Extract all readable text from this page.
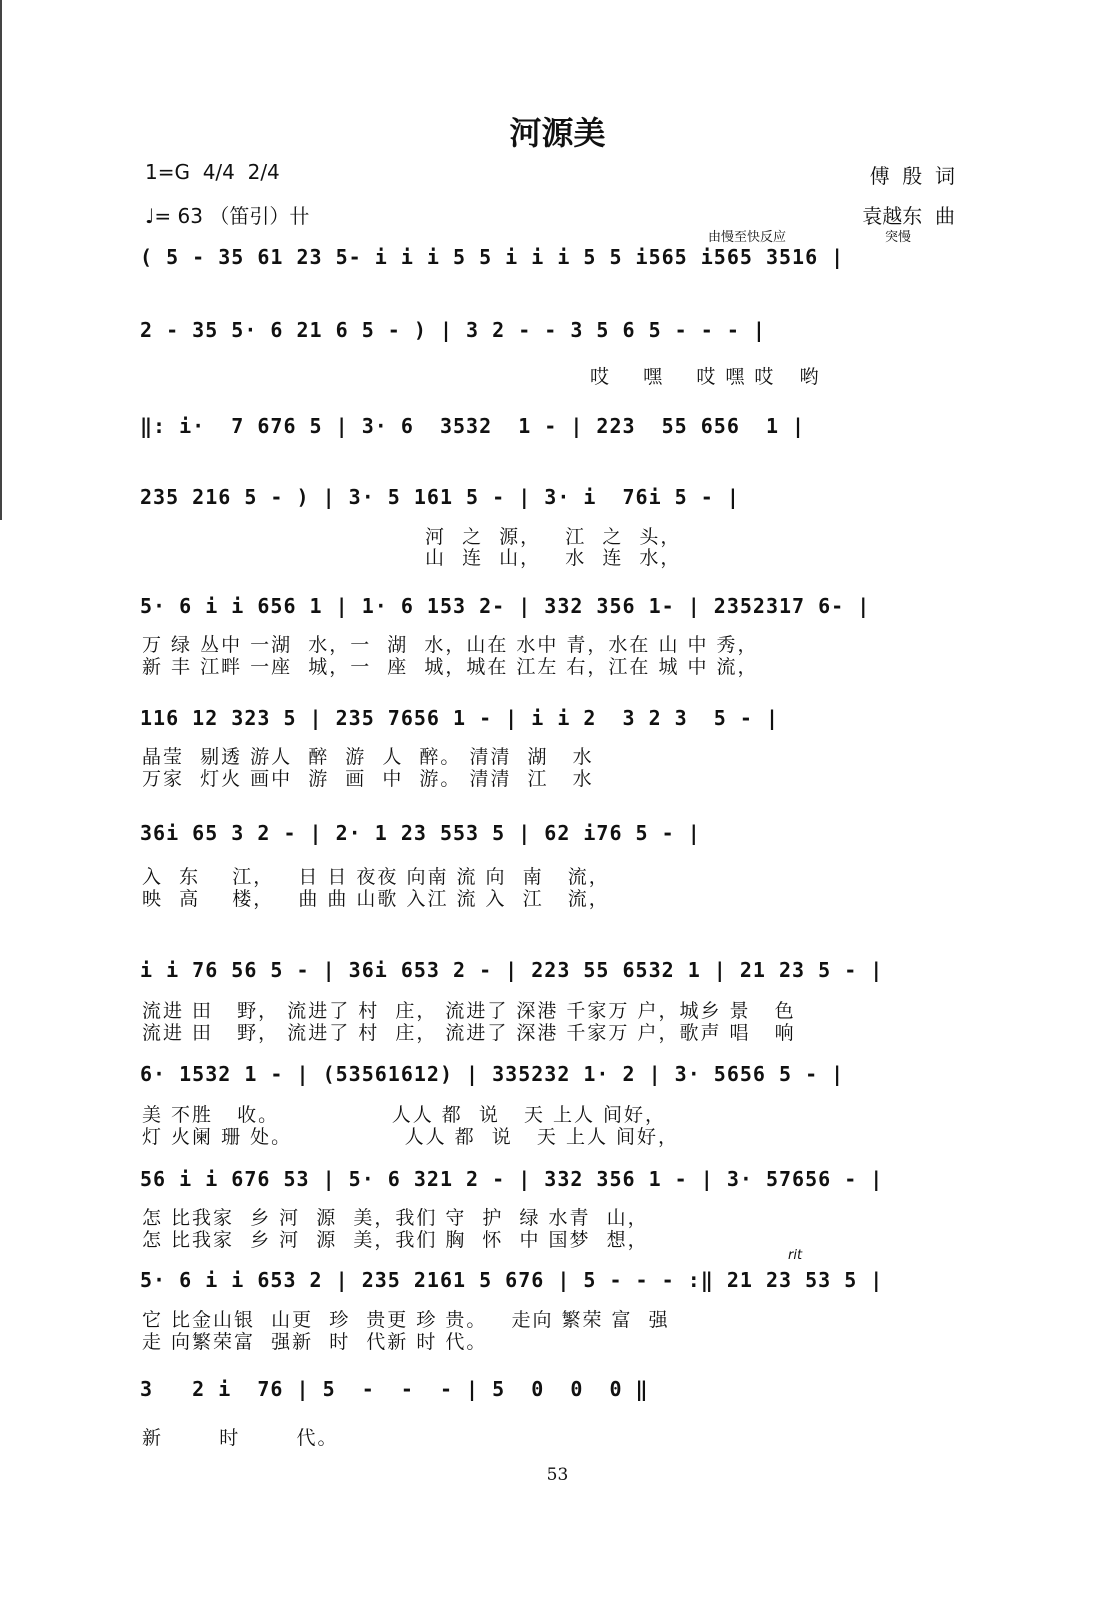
河源美
1=G  4/4  2/4
♩= 63 （笛引）卄
傅  殷  词
袁越东  曲
由慢至快反应	突慢
rit
( 5 - 35 61 23 5- i i i 5 5 i i i 5 5 i565 i565 3516 |
2 - 35 5· 6 21 6 5 - ) | 3 2 - - 3 5 6 5 - - - |
哎    嘿    哎 嘿 哎   哟
‖: i·  7 676 5 | 3· 6  3532  1 - | 223  55 656  1 |
235 216 5 - ) | 3· 5 161 5 - | 3· i  76i 5 - |
河  之  源，   江  之  头，
山  连  山，   水  连  水，
5· 6 i i 656 1 | 1· 6 153 2- | 332 356 1- | 2352317 6- |
万 绿 丛中 一湖  水，一  湖  水，山在 水中 青，水在 山 中 秀，
新 丰 江畔 一座  城，一  座  城，城在 江左 右，江在 城 中 流，
116 12 323 5 | 235 7656 1 - | i i 2  3 2 3  5 - |
晶莹  剔透 游人  醉  游  人  醉。 清清  湖   水
万家  灯火 画中  游  画  中  游。 清清  江   水
36i 65 3 2 - | 2· 1 23 553 5 | 62 i76 5 - |
入  东    江，   日 日 夜夜 向南 流 向  南   流，
映  高    楼，   曲 曲 山歌 入江 流 入  江   流，
i i 76 56 5 - | 36i 653 2 - | 223 55 6532 1 | 21 23 5 - |
流进 田   野， 流进了 村  庄， 流进了 深港 千家万 户，城乡 景   色
流进 田   野， 流进了 村  庄， 流进了 深港 千家万 户，歌声 唱   响
6· 1532 1 - | (53561612) | 335232 1· 2 | 3· 5656 5 - |
美 不胜   收。              人人 都  说   天 上人 间好，
灯 火阑 珊 处。              人人 都  说   天 上人 间好，
56 i i 676 53 | 5· 6 321 2 - | 332 356 1 - | 3· 57656 - |
怎 比我家  乡 河  源  美，我们 守  护  绿 水青  山，
怎 比我家  乡 河  源  美，我们 胸  怀  中 国梦  想，
5· 6 i i 653 2 | 235 2161 5 676 | 5 - - - :‖ 21 23 53 5 |
它 比金山银  山更  珍  贵更 珍 贵。   走向 繁荣 富  强
走 向繁荣富  强新  时  代新 时 代。
3   2 i  76 | 5  -  -  - | 5  0  0  0 ‖
新       时       代。
53
